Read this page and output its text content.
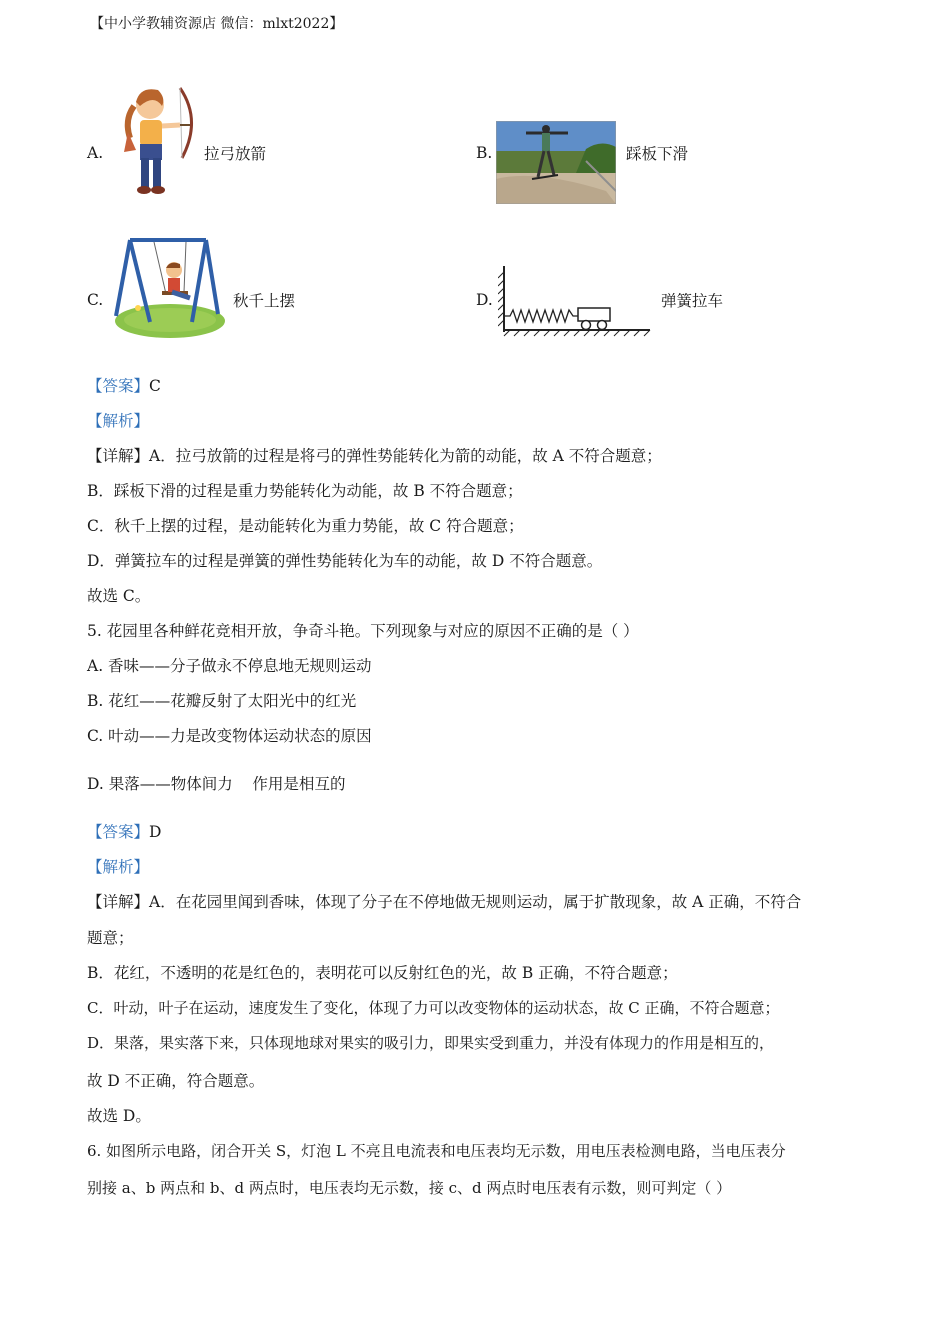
【中小学教辅资源店 微信：mlxt2022】
A.	拉弓放箭	B.	踩板下滑
C.	秋千上摆	D.	弹簧拉车
【答案】C
【解析】
【详解】A．拉弓放箭的过程是将弓的弹性势能转化为箭的动能，故 A 不符合题意；
B．踩板下滑的过程是重力势能转化为动能，故 B 不符合题意；
C．秋千上摆的过程，是动能转化为重力势能，故 C 符合题意；
D．弹簧拉车的过程是弹簧的弹性势能转化为车的动能，故 D 不符合题意。
故选 C。
5. 花园里各种鲜花竞相开放，争奇斗艳。下列现象与对应的原因不正确的是（ ）
A. 香味——分子做永不停息地无规则运动
B. 花红——花瓣反射了太阳光中的红光
C. 叶动——力是改变物体运动状态的原因
D. 果落——物体间力    作用是相互的
【答案】D
【解析】
【详解】A．在花园里闻到香味，体现了分子在不停地做无规则运动，属于扩散现象，故 A 正确，不符合
题意；
B．花红，不透明的花是红色的，表明花可以反射红色的光，故 B 正确，不符合题意；
C．叶动，叶子在运动，速度发生了变化，体现了力可以改变物体的运动状态，故 C 正确，不符合题意；
D．果落，果实落下来，只体现地球对果实的吸引力，即果实受到重力，并没有体现力的作用是相互的，
故 D 不正确，符合题意。
故选 D。
6. 如图所示电路，闭合开关 S，灯泡 L 不亮且电流表和电压表均无示数，用电压表检测电路，当电压表分
别接 a、b 两点和 b、d 两点时，电压表均无示数，接 c、d 两点时电压表有示数，则可判定（ ）
